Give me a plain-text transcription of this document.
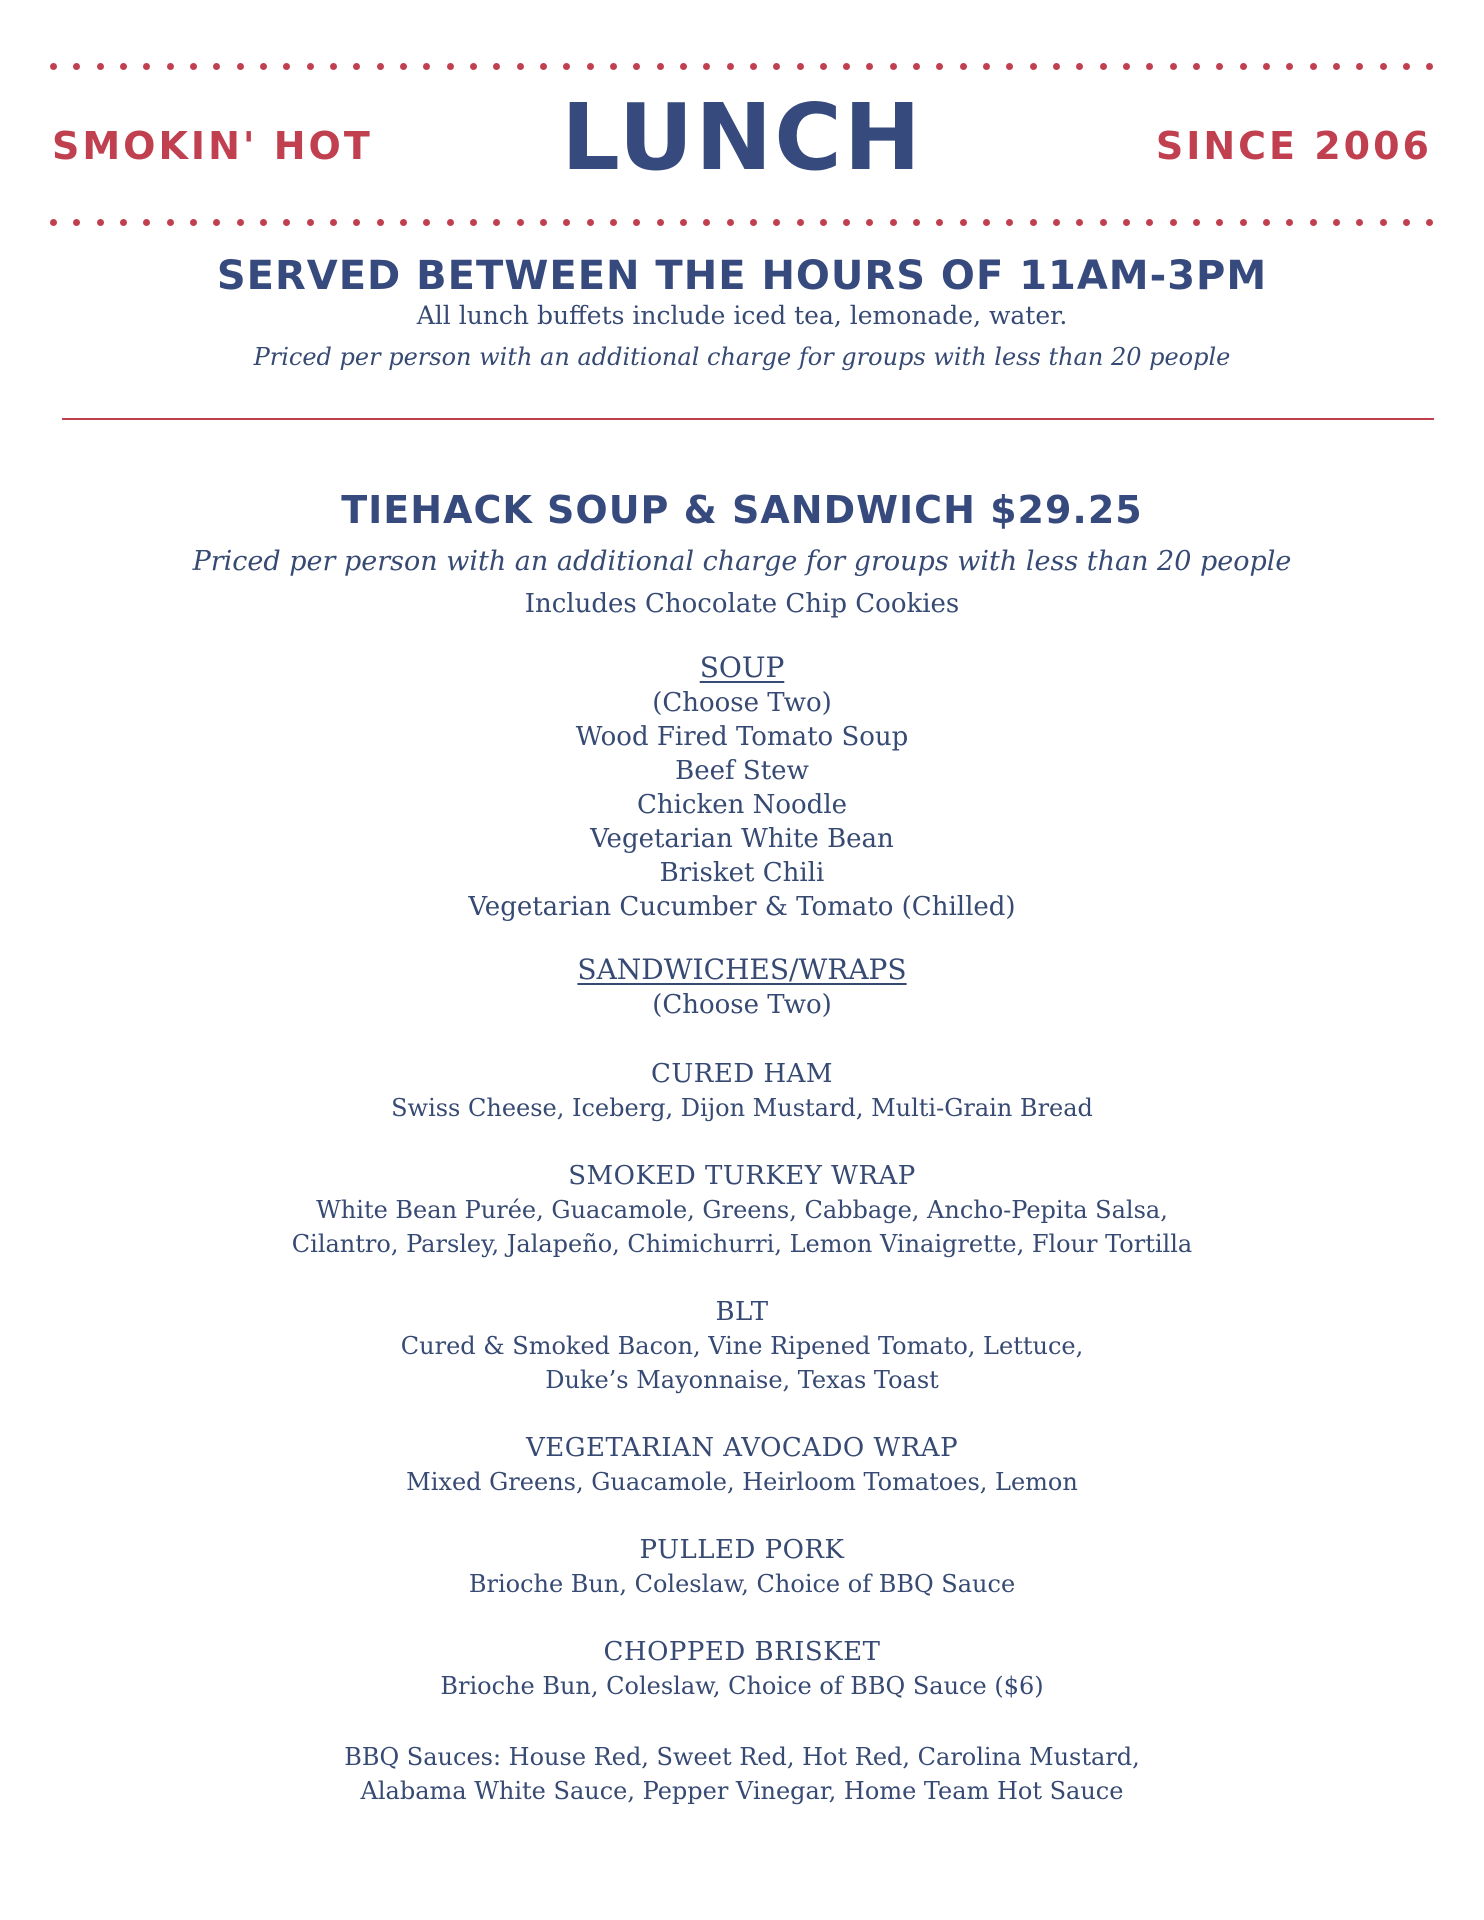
SMOKIN' HOT	LUNCH	SINCE 2006
SERVED BETWEEN THE HOURS OF 11AM-3PM
All lunch buffets include iced tea, lemonade, water.
Priced per person with an additional charge for groups with less than 20 people
TIEHACK SOUP & SANDWICH $29.25
Priced per person with an additional charge for groups with less than 20 people
Includes Chocolate Chip Cookies
SOUP
(Choose Two)
Wood Fired Tomato Soup
Beef Stew
Chicken Noodle
Vegetarian White Bean
Brisket Chili
Vegetarian Cucumber & Tomato (Chilled)
SANDWICHES/WRAPS
(Choose Two)
CURED HAM
Swiss Cheese, Iceberg, Dijon Mustard, Multi-Grain Bread
SMOKED TURKEY WRAP
White Bean Purée, Guacamole, Greens, Cabbage, Ancho-Pepita Salsa,
Cilantro, Parsley, Jalapeño, Chimichurri, Lemon Vinaigrette, Flour Tortilla
BLT
Cured & Smoked Bacon, Vine Ripened Tomato, Lettuce,
Duke’s Mayonnaise, Texas Toast
VEGETARIAN AVOCADO WRAP
Mixed Greens, Guacamole, Heirloom Tomatoes, Lemon
PULLED PORK
Brioche Bun, Coleslaw, Choice of BBQ Sauce
CHOPPED BRISKET
Brioche Bun, Coleslaw, Choice of BBQ Sauce ($6)
BBQ Sauces: House Red, Sweet Red, Hot Red, Carolina Mustard,
Alabama White Sauce, Pepper Vinegar, Home Team Hot Sauce
